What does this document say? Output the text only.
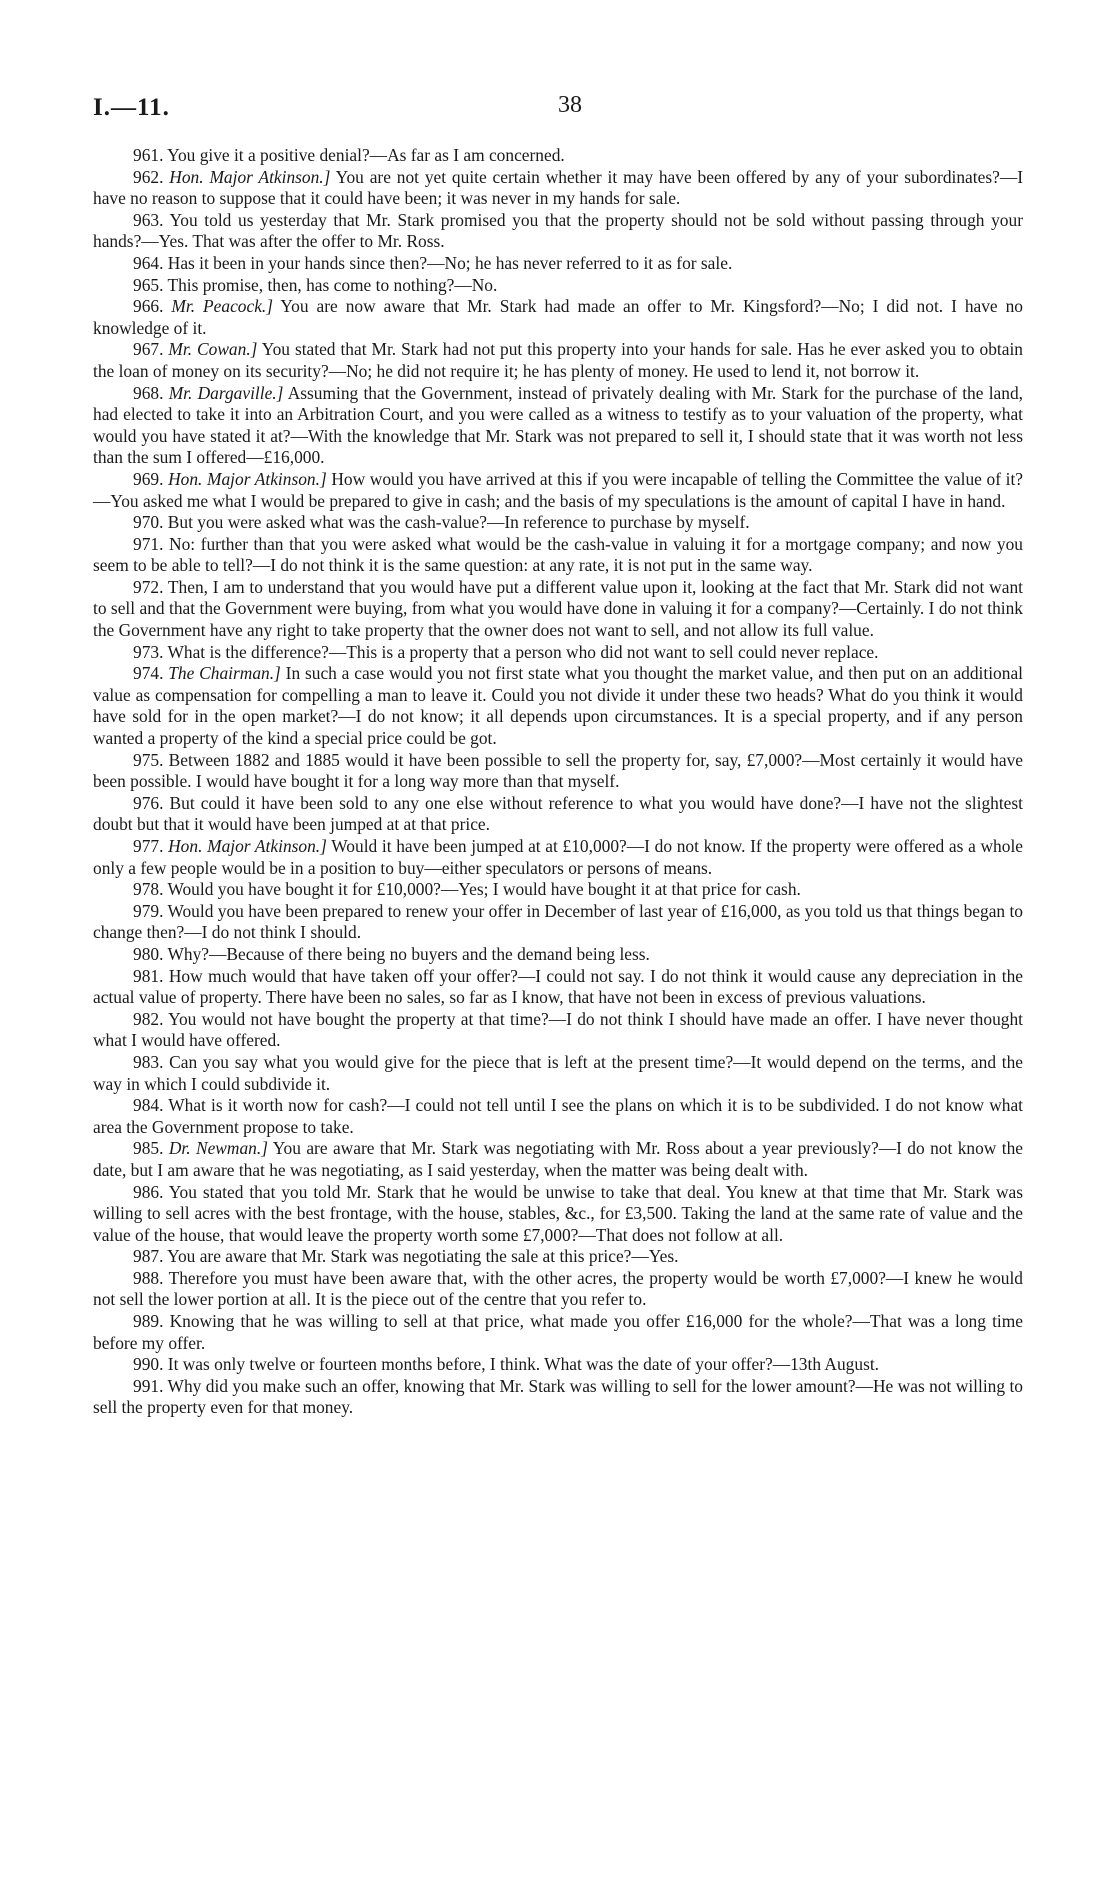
I.—11.	38

961. You give it a positive denial?—As far as I am concerned.

962. Hon. Major Atkinson.] You are not yet quite certain whether it may have been offered by any of your subordinates?—I have no reason to suppose that it could have been; it was never in my hands for sale.

963. You told us yesterday that Mr. Stark promised you that the property should not be sold without passing through your hands?—Yes. That was after the offer to Mr. Ross.

964. Has it been in your hands since then?—No; he has never referred to it as for sale.

965. This promise, then, has come to nothing?—No.

966. Mr. Peacock.] You are now aware that Mr. Stark had made an offer to Mr. Kingsford?—No; I did not. I have no knowledge of it.

967. Mr. Cowan.] You stated that Mr. Stark had not put this property into your hands for sale. Has he ever asked you to obtain the loan of money on its security?—No; he did not require it; he has plenty of money. He used to lend it, not borrow it.

968. Mr. Dargaville.] Assuming that the Government, instead of privately dealing with Mr. Stark for the purchase of the land, had elected to take it into an Arbitration Court, and you were called as a witness to testify as to your valuation of the property, what would you have stated it at?—With the knowledge that Mr. Stark was not prepared to sell it, I should state that it was worth not less than the sum I offered—£16,000.

969. Hon. Major Atkinson.] How would you have arrived at this if you were incapable of telling the Committee the value of it?—You asked me what I would be prepared to give in cash; and the basis of my speculations is the amount of capital I have in hand.

970. But you were asked what was the cash-value?—In reference to purchase by myself.

971. No: further than that you were asked what would be the cash-value in valuing it for a mortgage company; and now you seem to be able to tell?—I do not think it is the same question: at any rate, it is not put in the same way.

972. Then, I am to understand that you would have put a different value upon it, looking at the fact that Mr. Stark did not want to sell and that the Government were buying, from what you would have done in valuing it for a company?—Certainly. I do not think the Government have any right to take property that the owner does not want to sell, and not allow its full value.

973. What is the difference?—This is a property that a person who did not want to sell could never replace.

974. The Chairman.] In such a case would you not first state what you thought the market value, and then put on an additional value as compensation for compelling a man to leave it. Could you not divide it under these two heads? What do you think it would have sold for in the open market?—I do not know; it all depends upon circumstances. It is a special property, and if any person wanted a property of the kind a special price could be got.

975. Between 1882 and 1885 would it have been possible to sell the property for, say, £7,000?—Most certainly it would have been possible. I would have bought it for a long way more than that myself.

976. But could it have been sold to any one else without reference to what you would have done?—I have not the slightest doubt but that it would have been jumped at at that price.

977. Hon. Major Atkinson.] Would it have been jumped at at £10,000?—I do not know. If the property were offered as a whole only a few people would be in a position to buy—either speculators or persons of means.

978. Would you have bought it for £10,000?—Yes; I would have bought it at that price for cash.

979. Would you have been prepared to renew your offer in December of last year of £16,000, as you told us that things began to change then?—I do not think I should.

980. Why?—Because of there being no buyers and the demand being less.

981. How much would that have taken off your offer?—I could not say. I do not think it would cause any depreciation in the actual value of property. There have been no sales, so far as I know, that have not been in excess of previous valuations.

982. You would not have bought the property at that time?—I do not think I should have made an offer. I have never thought what I would have offered.

983. Can you say what you would give for the piece that is left at the present time?—It would depend on the terms, and the way in which I could subdivide it.

984. What is it worth now for cash?—I could not tell until I see the plans on which it is to be subdivided. I do not know what area the Government propose to take.

985. Dr. Newman.] You are aware that Mr. Stark was negotiating with Mr. Ross about a year previously?—I do not know the date, but I am aware that he was negotiating, as I said yesterday, when the matter was being dealt with.

986. You stated that you told Mr. Stark that he would be unwise to take that deal. You knew at that time that Mr. Stark was willing to sell acres with the best frontage, with the house, stables, &c., for £3,500. Taking the land at the same rate of value and the value of the house, that would leave the property worth some £7,000?—That does not follow at all.

987. You are aware that Mr. Stark was negotiating the sale at this price?—Yes.

988. Therefore you must have been aware that, with the other acres, the property would be worth £7,000?—I knew he would not sell the lower portion at all. It is the piece out of the centre that you refer to.

989. Knowing that he was willing to sell at that price, what made you offer £16,000 for the whole?—That was a long time before my offer.

990. It was only twelve or fourteen months before, I think. What was the date of your offer?—13th August.

991. Why did you make such an offer, knowing that Mr. Stark was willing to sell for the lower amount?—He was not willing to sell the property even for that money.
